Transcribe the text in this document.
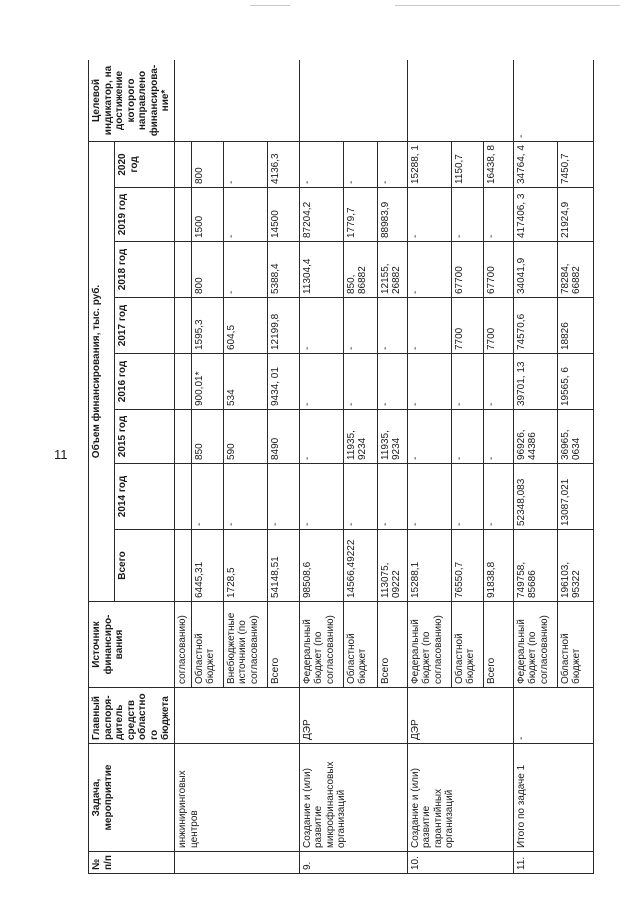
11
№ п/п	Задача, мероприятие	Главный распоря-дитель средств областного бюджета	Источник финансиро-вания	Объем финансирования, тыс. руб.								Целевой индикатор, на достижение которого направлено финансирова-ние*
				Всего	2014 год	2015 год	2016 год	2017 год	2018 год	2019 год	2020 год	
	инжиниринговых центров		согласованию)									
			Областной бюджет	6445,31	-	850	900,01*	1595,3	800	1500	800	
			Внебюджетные источники (по согласованию)	1728,5	-	590	534	604,5	-	-	-	
			Всего	54148,51	-	8490	9434, 01	12199,8	5388,4	14500	4136,3	
9.	Создание и (или) развитие микрофинансовых организаций	ДЭР	Федеральный бюджет (по согласованию)	98508,6	-	-	-	-	11304,4	87204,2	-	
			Областной бюджет	14566,49222	-	11935, 9234	-	-	850, 86882	1779,7	-	
			Всего	113075, 09222	-	11935, 9234	-	-	12155, 26882	88983,9	-	
10.	Создание и (или) развитие гарантийных организаций	ДЭР	Федеральный бюджет (по согласованию)	15288,1	-	-	-	-	-	-	15288, 1	
			Областной бюджет	76550,7	-	-	-	7700	67700	-	1150,7	
			Всего	91838,8	-	-	-	7700	67700	-	16438, 8	
11.	Итого по задаче 1	-	Федеральный бюджет (по согласованию)	749758, 85686	52348,083	96926, 44386	39701, 13	74570,6	34041,9	417406, 3	34764, 4	-
			Областной бюджет	196103, 95322	13087,021	36965, 0634	19565, 6	18826	78284, 66882	21924,9	7450,7	
